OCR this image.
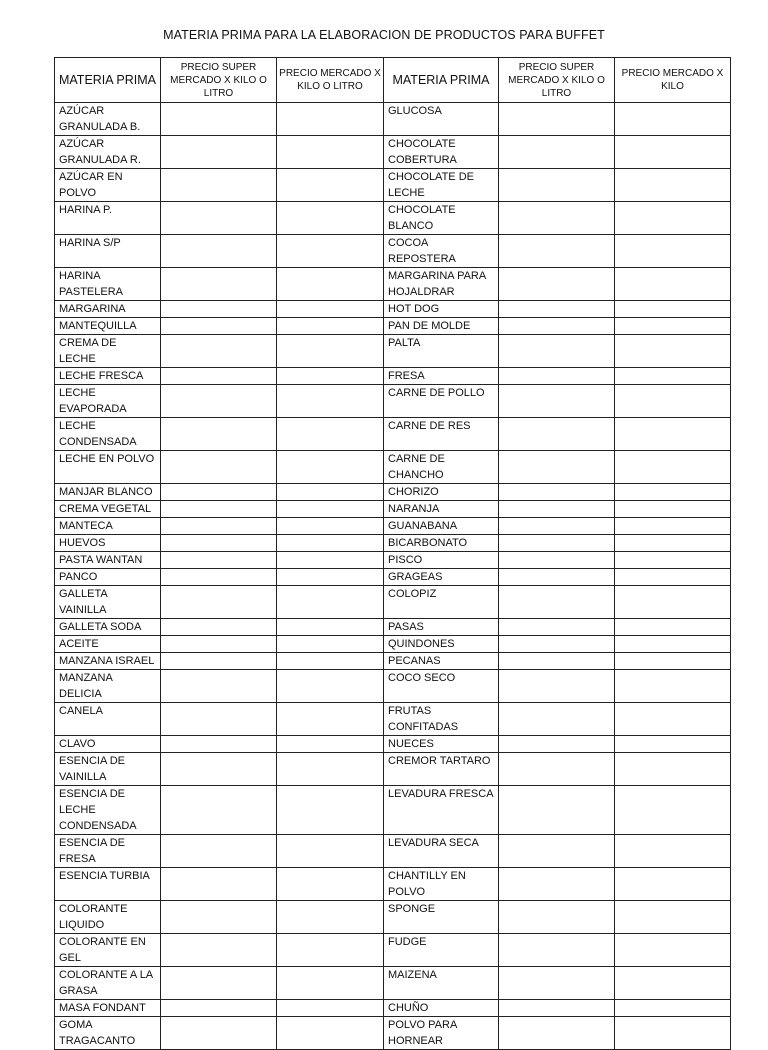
MATERIA PRIMA PARA LA ELABORACION DE PRODUCTOS PARA BUFFET
MATERIA PRIMA	PRECIO SUPER MERCADO X KILO O LITRO	PRECIO MERCADO X KILO O LITRO	MATERIA PRIMA	PRECIO SUPER MERCADO X KILO O LITRO	PRECIO MERCADO X KILO
AZÚCAR GRANULADA B.			GLUCOSA		
AZÚCAR GRANULADA R.			CHOCOLATE COBERTURA		
AZÚCAR EN POLVO			CHOCOLATE DE LECHE		
HARINA P.			CHOCOLATE BLANCO		
HARINA S/P			COCOA REPOSTERA		
HARINA PASTELERA			MARGARINA PARA HOJALDRAR		
MARGARINA			HOT DOG		
MANTEQUILLA			PAN DE MOLDE		
CREMA DE LECHE			PALTA		
LECHE FRESCA			FRESA		
LECHE EVAPORADA			CARNE DE POLLO		
LECHE CONDENSADA			CARNE DE RES		
LECHE EN POLVO			CARNE DE CHANCHO		
MANJAR BLANCO			CHORIZO		
CREMA VEGETAL			NARANJA		
MANTECA			GUANABANA		
HUEVOS			BICARBONATO		
PASTA WANTAN			PISCO		
PANCO			GRAGEAS		
GALLETA VAINILLA			COLOPIZ		
GALLETA SODA			PASAS		
ACEITE			QUINDONES		
MANZANA ISRAEL			PECANAS		
MANZANA DELICIA			COCO SECO		
CANELA			FRUTAS CONFITADAS		
CLAVO			NUECES		
ESENCIA DE VAINILLA			CREMOR TARTARO		
ESENCIA DE LECHE CONDENSADA			LEVADURA FRESCA		
ESENCIA DE FRESA			LEVADURA SECA		
ESENCIA TURBIA			CHANTILLY EN POLVO		
COLORANTE LIQUIDO			SPONGE		
COLORANTE EN GEL			FUDGE		
COLORANTE A LA GRASA			MAIZENA		
MASA FONDANT			CHUÑO		
GOMA TRAGACANTO			POLVO PARA HORNEAR		
